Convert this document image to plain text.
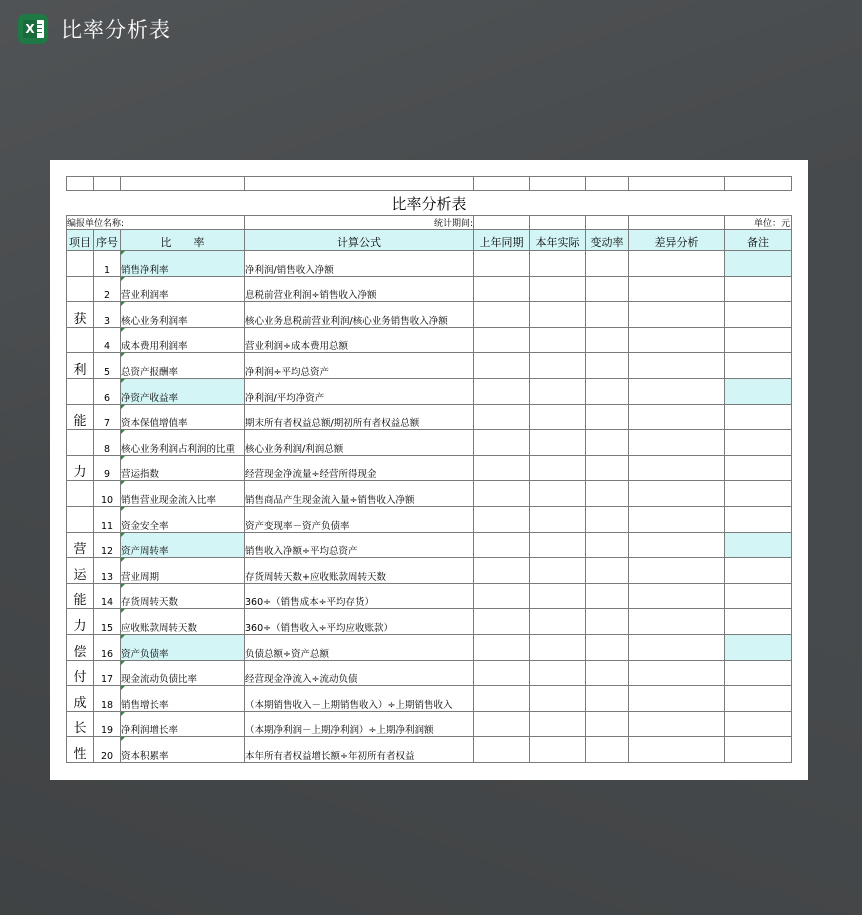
X 比率分析表

比率分析表								
编报单位名称:			统计期间:					单位：元
项目	序号	比　　率	计算公式	上年同期	本年实际	变动率	差异分析	备注
	1	销售净利率	净利润/销售收入净额					
	2	营业利润率	息税前营业利润÷销售收入净额					
获	3	核心业务利润率	核心业务息税前营业利润/核心业务销售收入净额					
	4	成本费用利润率	营业利润÷成本费用总额					
利	5	总资产报酬率	净利润÷平均总资产					
	6	净资产收益率	净利润/平均净资产					
能	7	资本保值增值率	期末所有者权益总额/期初所有者权益总额					
	8	核心业务利润占利润的比重	核心业务利润/利润总额					
力	9	营运指数	经营现金净流量÷经营所得现金					
	10	销售营业现金流入比率	销售商品产生现金流入量÷销售收入净额					
	11	资金安全率	资产变现率－资产负债率					
营	12	资产周转率	销售收入净额÷平均总资产					
运	13	营业周期	存货周转天数+应收账款周转天数					
能	14	存货周转天数	360÷（销售成本÷平均存货）					
力	15	应收账款周转天数	360÷（销售收入÷平均应收账款）					
偿	16	资产负债率	负债总额÷资产总额					
付	17	现金流动负债比率	经营现金净流入÷流动负债					
成	18	销售增长率	（本期销售收入－上期销售收入）÷上期销售收入					
长	19	净利润增长率	（本期净利润－上期净利润）÷上期净利润额					
性	20	资本积累率	本年所有者权益增长额÷年初所有者权益					
